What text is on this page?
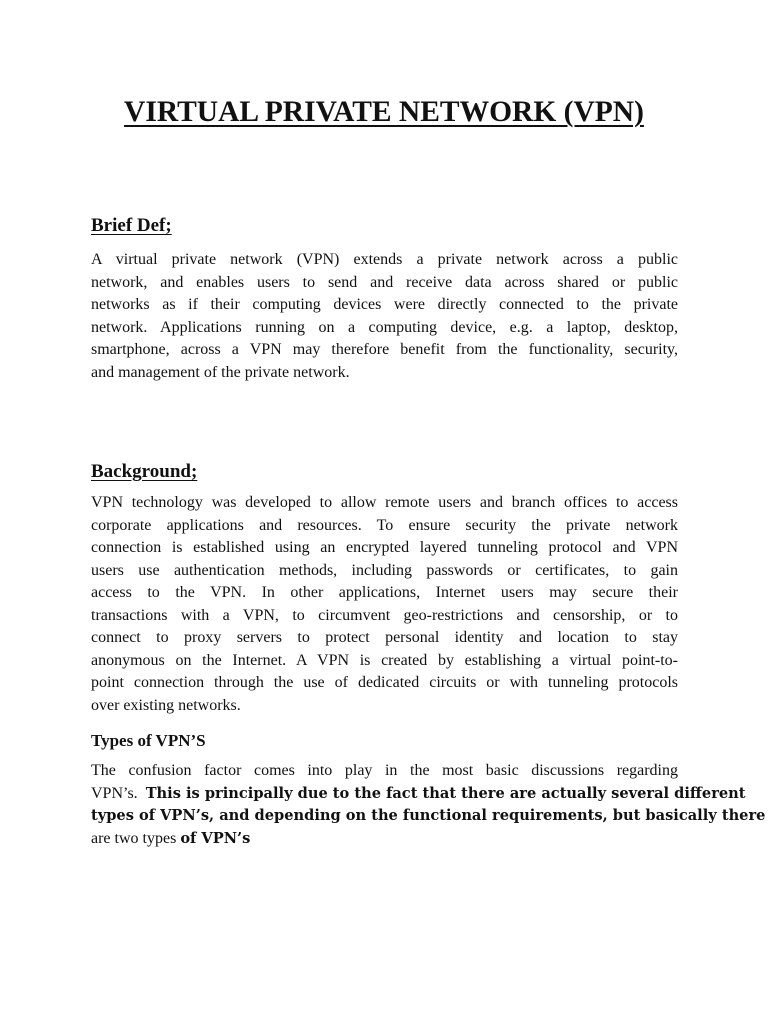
VIRTUAL PRIVATE NETWORK (VPN)
Brief Def;
A virtual private network (VPN) extends a private network across a public
network, and enables users to send and receive data across shared or public
networks as if their computing devices were directly connected to the private
network. Applications running on a computing device, e.g. a laptop, desktop,
smartphone, across a VPN may therefore benefit from the functionality, security,
and management of the private network.
Background;
VPN technology was developed to allow remote users and branch offices to access
corporate applications and resources. To ensure security the private network
connection is established using an encrypted layered tunneling protocol and VPN
users use authentication methods, including passwords or certificates, to gain
access to the VPN. In other applications, Internet users may secure their
transactions with a VPN, to circumvent geo-restrictions and censorship, or to
connect to proxy servers to protect personal identity and location to stay
anonymous on the Internet. A VPN is created by establishing a virtual point-to-
point connection through the use of dedicated circuits or with tunneling protocols
over existing networks.
Types of VPN’S
The confusion factor comes into play in the most basic discussions regarding
VPN’s. This is principally due to the fact that there are actually several different
types of VPN’s, and depending on the functional requirements, but basically there
are two types of VPN’s
